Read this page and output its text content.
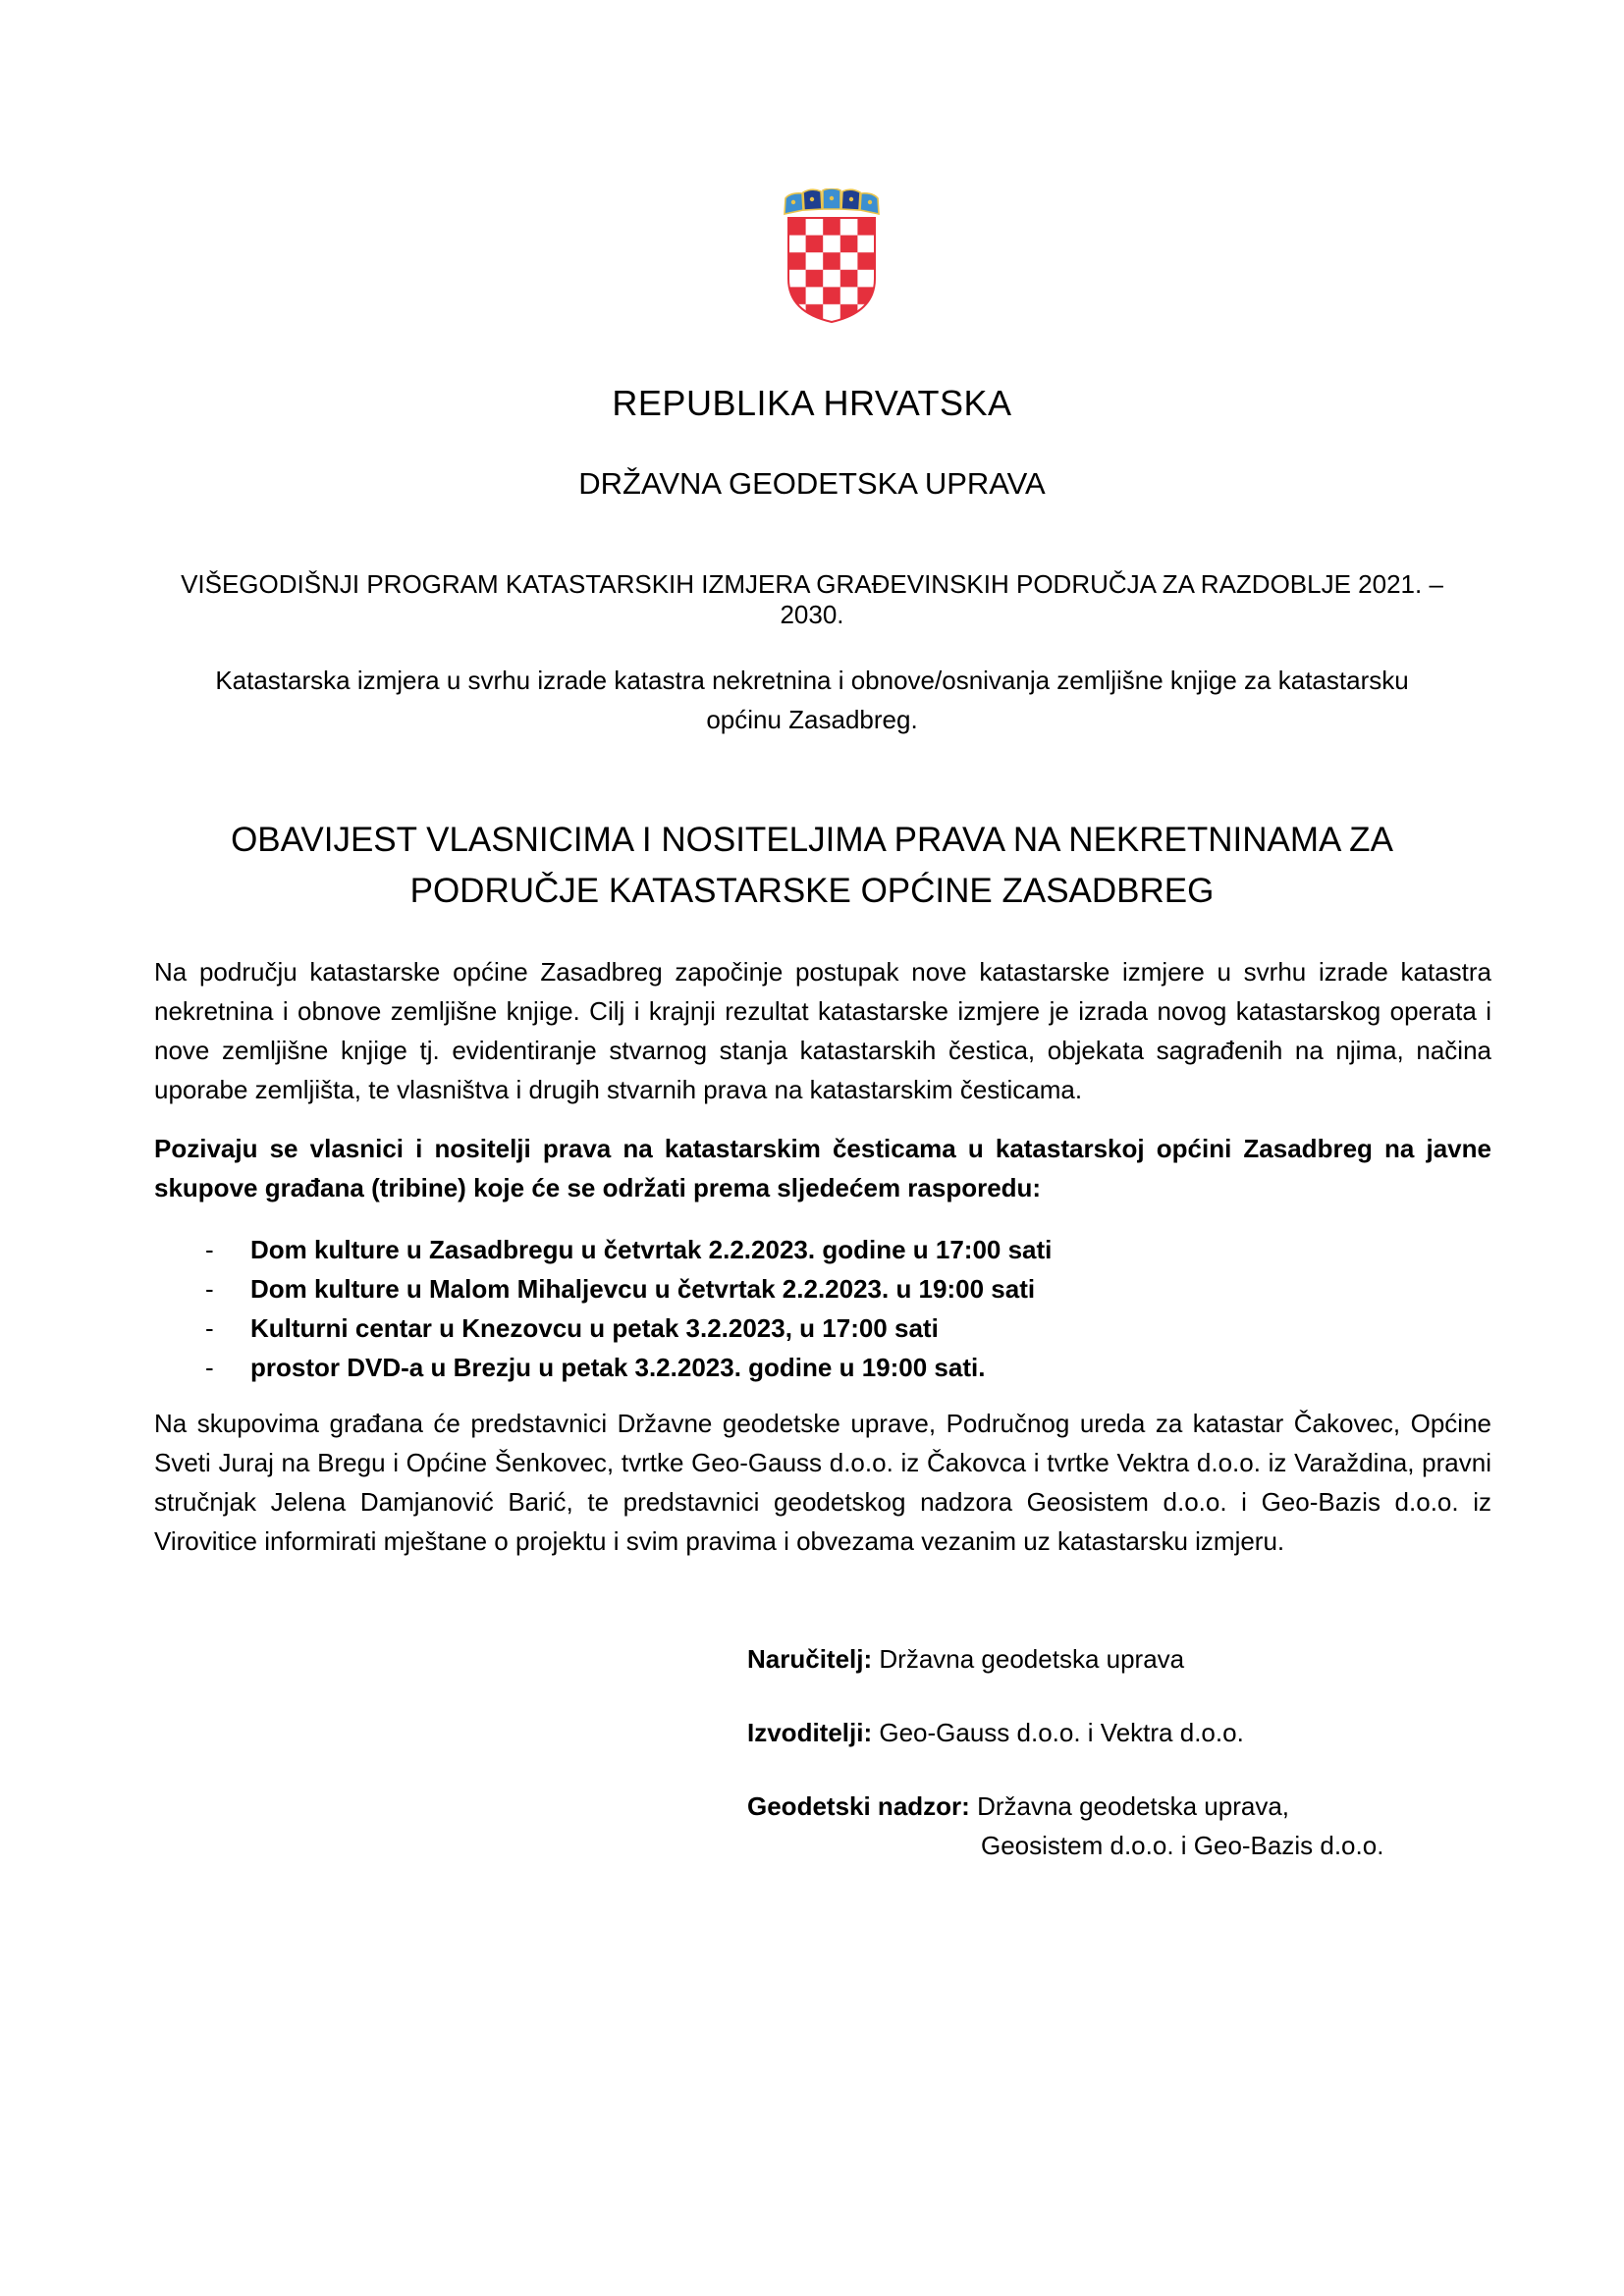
REPUBLIKA HRVATSKA
DRŽAVNA GEODETSKA UPRAVA
VIŠEGODIŠNJI PROGRAM KATASTARSKIH IZMJERA GRAĐEVINSKIH PODRUČJA ZA RAZDOBLJE 2021. – 2030.
Katastarska izmjera u svrhu izrade katastra nekretnina i obnove/osnivanja zemljišne knjige za katastarsku
općinu Zasadbreg.
OBAVIJEST VLASNICIMA I NOSITELJIMA PRAVA NA NEKRETNINAMA ZA
PODRUČJE KATASTARSKE OPĆINE ZASADBREG
Na području katastarske općine Zasadbreg započinje postupak nove katastarske izmjere u svrhu izrade katastra nekretnina i obnove zemljišne knjige. Cilj i krajnji rezultat katastarske izmjere je izrada novog katastarskog operata i nove zemljišne knjige tj. evidentiranje stvarnog stanja katastarskih čestica, objekata sagrađenih na njima, načina uporabe zemljišta, te vlasništva i drugih stvarnih prava na katastarskim česticama.
Pozivaju se vlasnici i nositelji prava na katastarskim česticama u katastarskoj općini Zasadbreg na javne skupove građana (tribine) koje će se održati prema sljedećem rasporedu:
- Dom kulture u Zasadbregu u četvrtak 2.2.2023. godine u 17:00 sati
- Dom kulture u Malom Mihaljevcu u četvrtak 2.2.2023. u 19:00 sati
- Kulturni centar u Knezovcu u petak 3.2.2023, u 17:00 sati
- prostor DVD-a u Brezju u petak 3.2.2023. godine u 19:00 sati.
Na skupovima građana će predstavnici Državne geodetske uprave, Područnog ureda za katastar Čakovec, Općine Sveti Juraj na Bregu i Općine Šenkovec, tvrtke Geo-Gauss d.o.o. iz Čakovca i tvrtke Vektra d.o.o. iz Varaždina, pravni stručnjak Jelena Damjanović Barić, te predstavnici geodetskog nadzora Geosistem d.o.o. i Geo-Bazis d.o.o. iz Virovitice informirati mještane o projektu i svim pravima i obvezama vezanim uz katastarsku izmjeru.
Naručitelj: Državna geodetska uprava
Izvoditelji: Geo-Gauss d.o.o. i Vektra d.o.o.
Geodetski nadzor: Državna geodetska uprava,
Geosistem d.o.o. i Geo-Bazis d.o.o.
